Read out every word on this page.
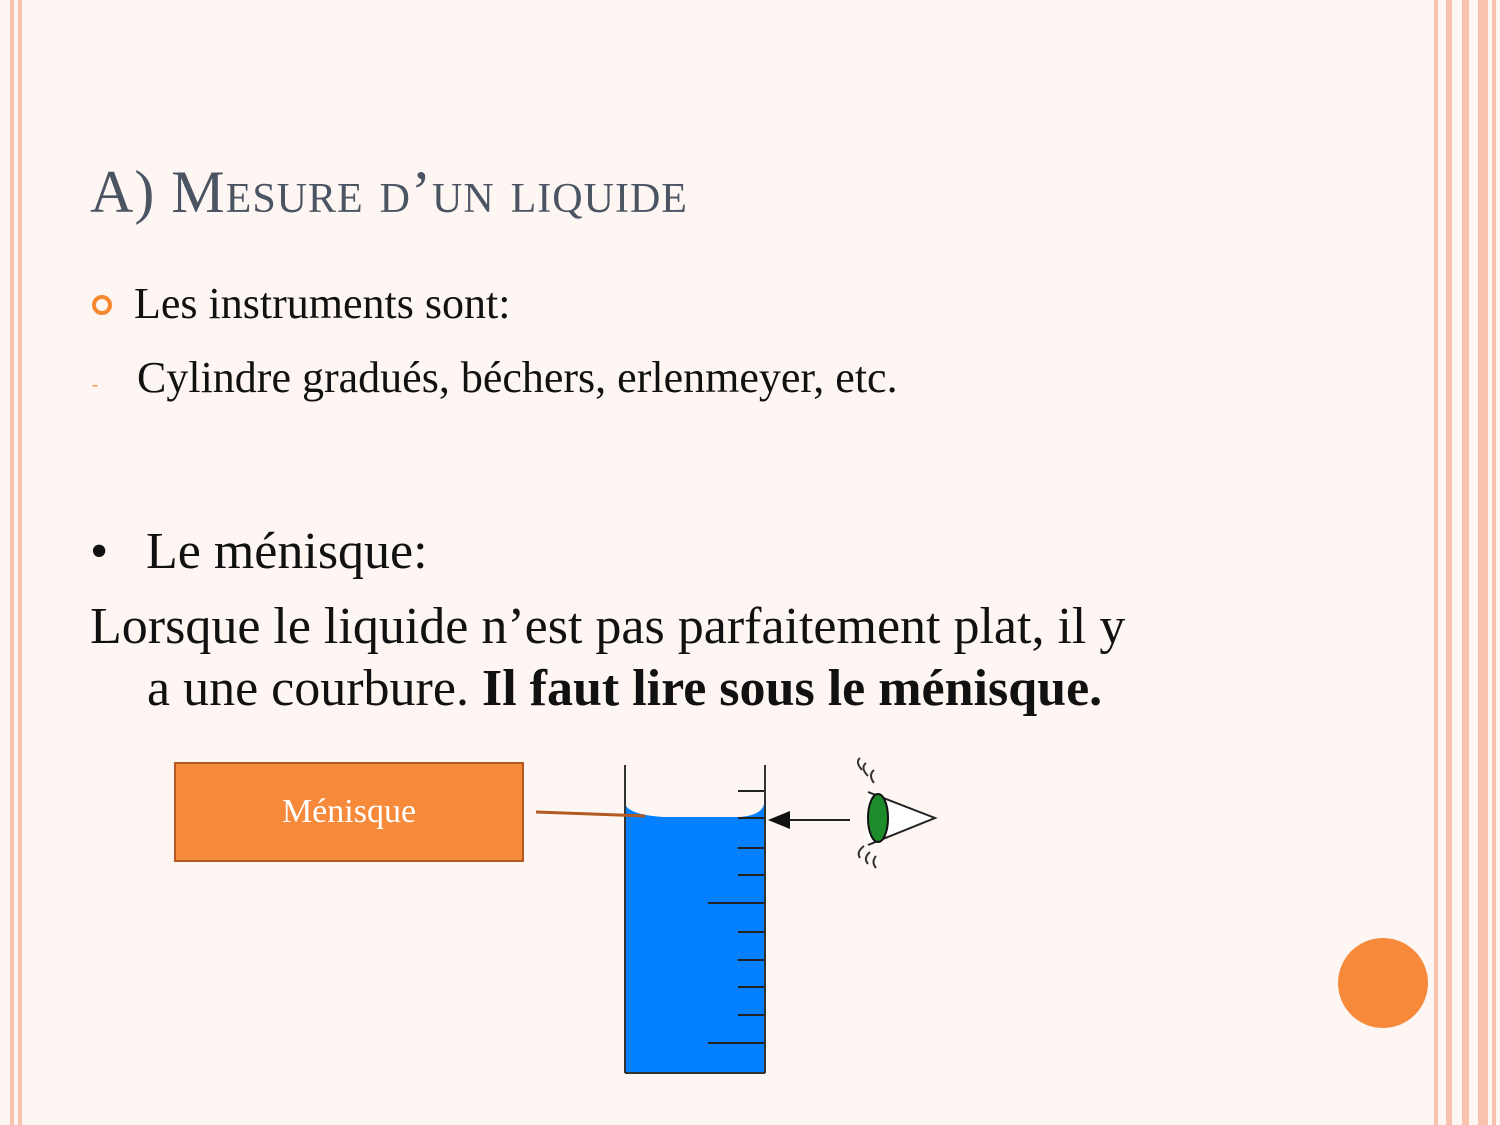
A) Mesure d’un liquide
Les instruments sont:
- Cylindre gradués, béchers, erlenmeyer, etc.
• Le ménisque:
Lorsque le liquide n’est pas parfaitement plat, il y
a une courbure. Il faut lire sous le ménisque.
Ménisque
